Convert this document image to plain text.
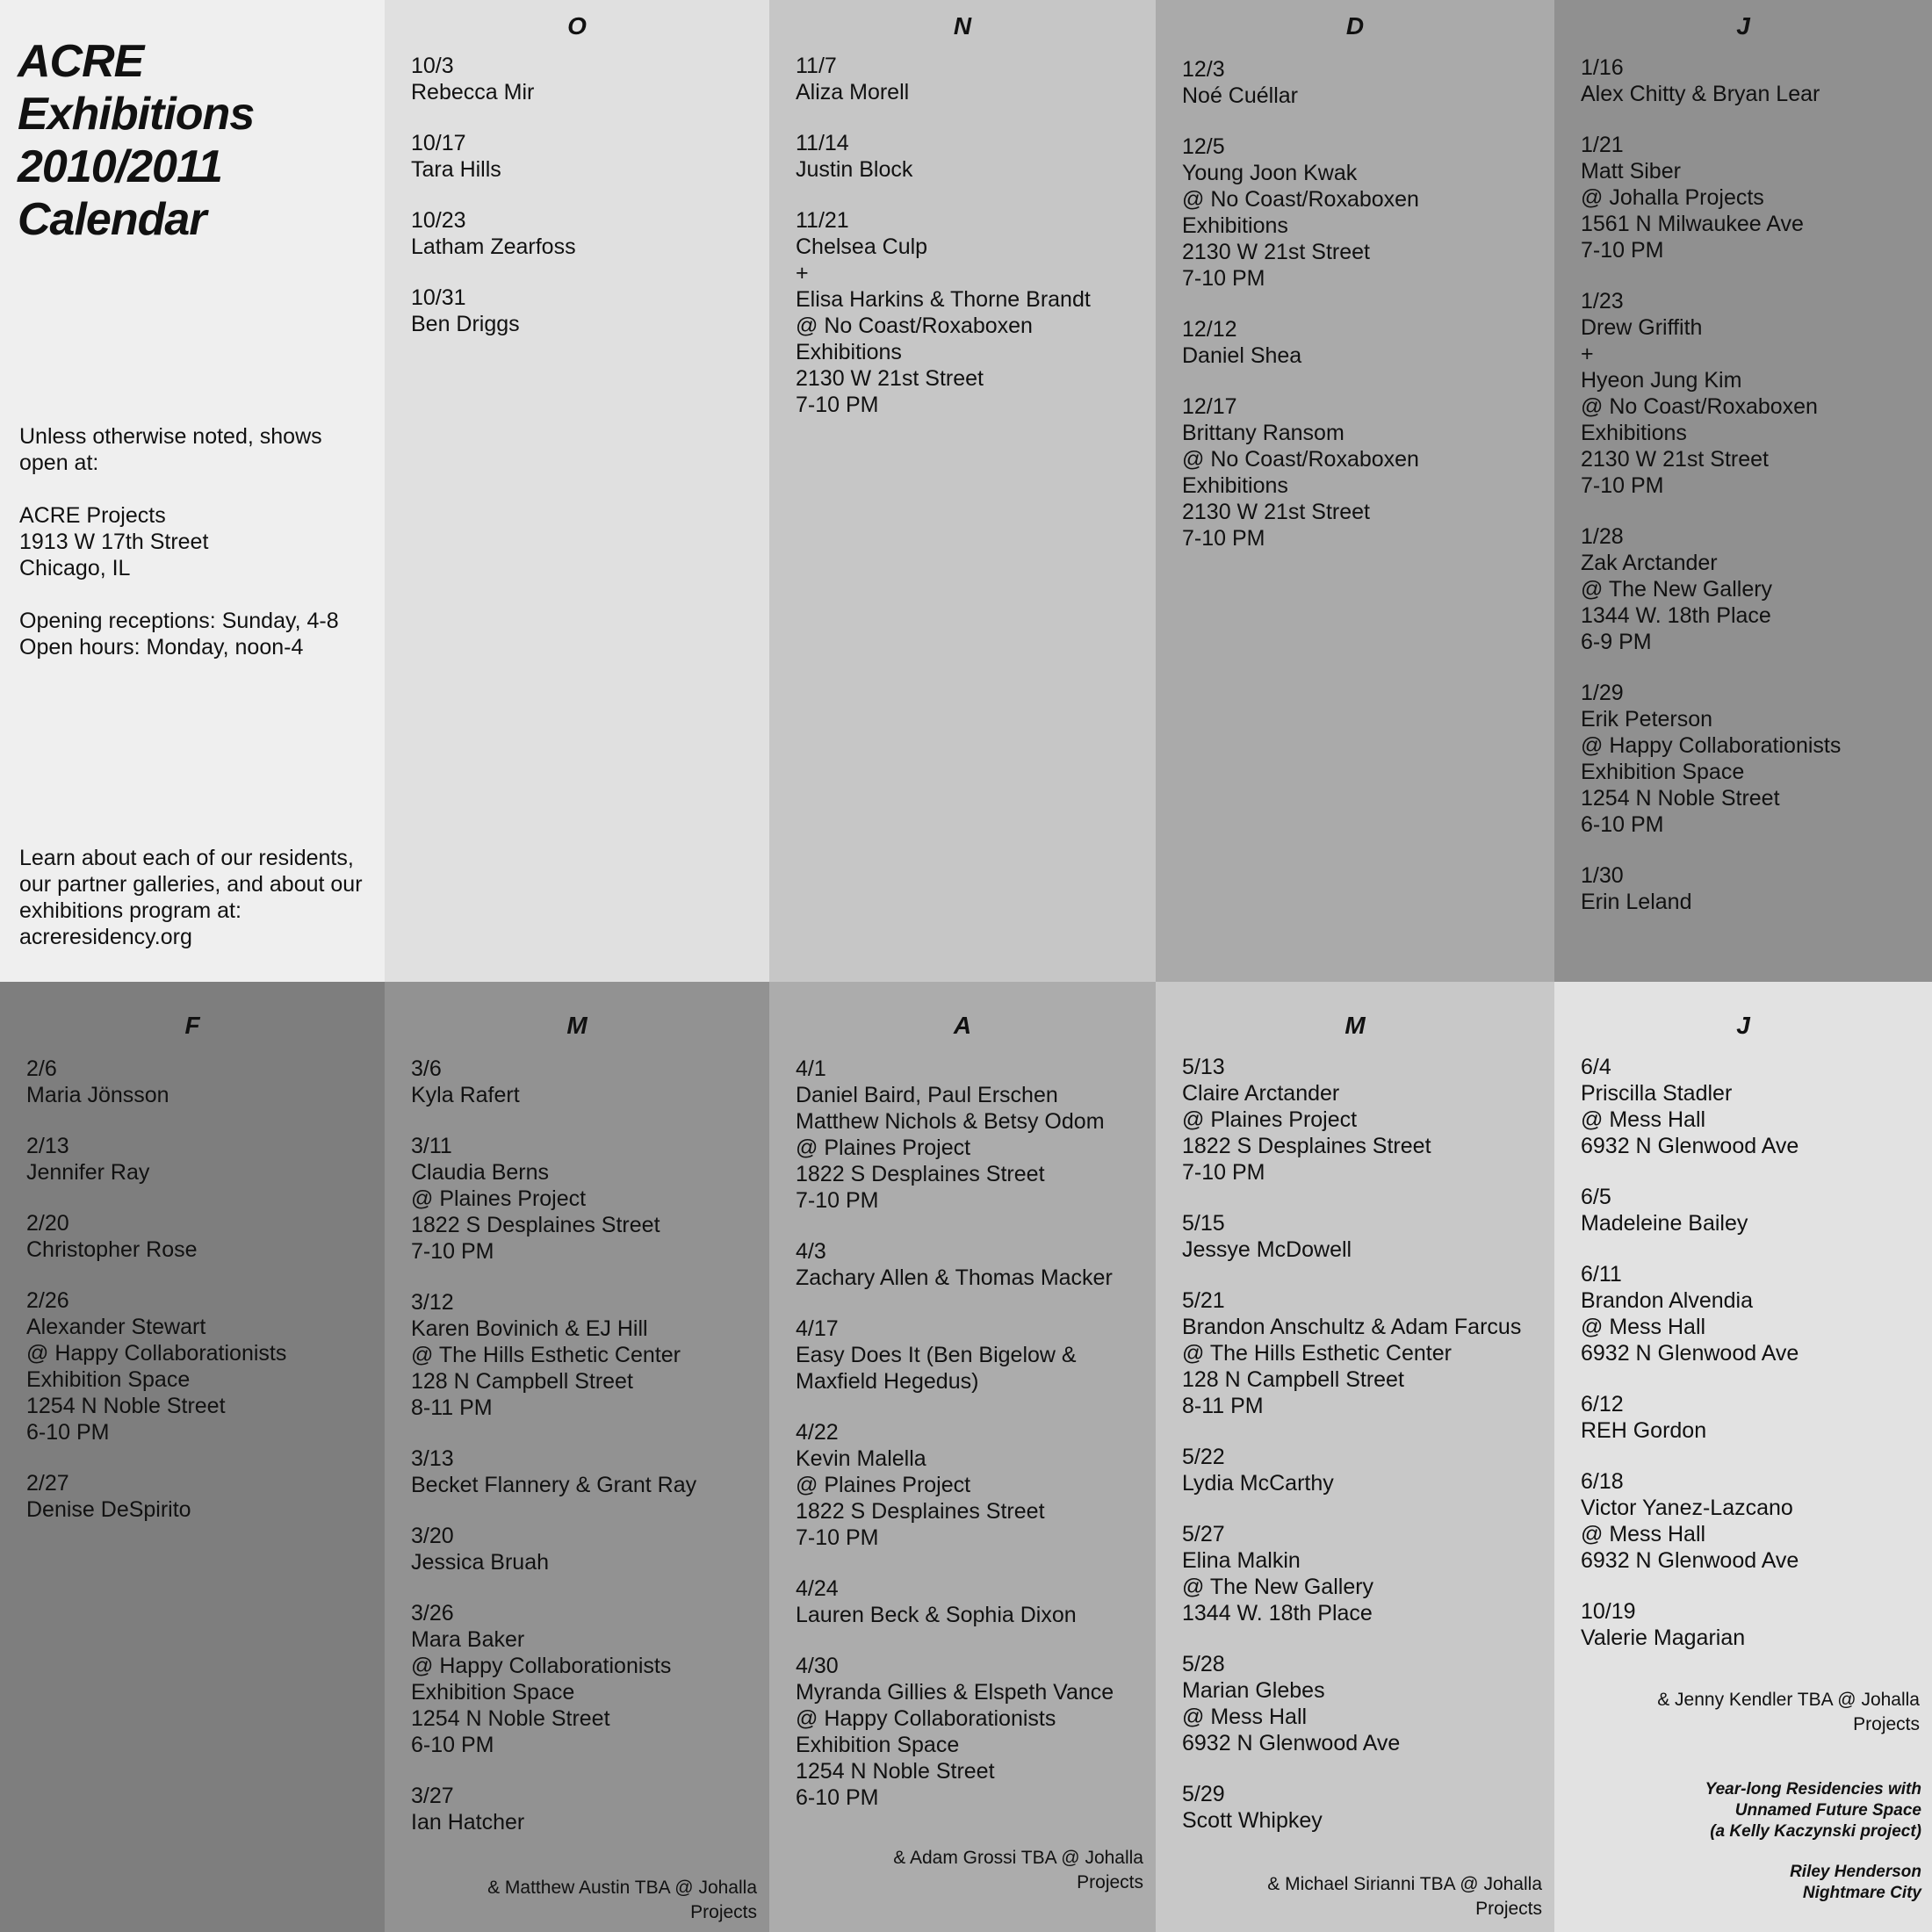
ACRE
Exhibitions
2010/2011
Calendar

Unless otherwise noted, shows
open at:

ACRE Projects
1913 W 17th Street
Chicago, IL

Opening receptions: Sunday, 4-8
Open hours: Monday, noon-4

Learn about each of our residents,
our partner galleries, and about our
exhibitions program at:
acreresidency.org
O
10/3
Rebecca Mir
10/17
Tara Hills
10/23
Latham Zearfoss
10/31
Ben Driggs
N
11/7
Aliza Morell
11/14
Justin Block
11/21
Chelsea Culp
+
Elisa Harkins & Thorne Brandt
@ No Coast/Roxaboxen
Exhibitions
2130 W 21st Street
7-10 PM
D
12/3
Noé Cuéllar
12/5
Young Joon Kwak
@ No Coast/Roxaboxen
Exhibitions
2130 W 21st Street
7-10 PM
12/12
Daniel Shea
12/17
Brittany Ransom
@ No Coast/Roxaboxen
Exhibitions
2130 W 21st Street
7-10 PM
J
1/16
Alex Chitty & Bryan Lear
1/21
Matt Siber
@ Johalla Projects
1561 N Milwaukee Ave
7-10 PM
1/23
Drew Griffith
+
Hyeon Jung Kim
@ No Coast/Roxaboxen
Exhibitions
2130 W 21st Street
7-10 PM
1/28
Zak Arctander
@ The New Gallery
1344 W. 18th Place
6-9 PM
1/29
Erik Peterson
@ Happy Collaborationists
Exhibition Space
1254 N Noble Street
6-10 PM
1/30
Erin Leland
F
2/6
Maria Jönsson
2/13
Jennifer Ray
2/20
Christopher Rose
2/26
Alexander Stewart
@ Happy Collaborationists
Exhibition Space
1254 N Noble Street
6-10 PM
2/27
Denise DeSpirito
M
3/6
Kyla Rafert
3/11
Claudia Berns
@ Plaines Project
1822 S Desplaines Street
7-10 PM
3/12
Karen Bovinich & EJ Hill
@ The Hills Esthetic Center
128 N Campbell Street
8-11 PM
3/13
Becket Flannery & Grant Ray
3/20
Jessica Bruah
3/26
Mara Baker
@ Happy Collaborationists
Exhibition Space
1254 N Noble Street
6-10 PM
3/27
Ian Hatcher
& Matthew Austin TBA @ Johalla
Projects
A
4/1
Daniel Baird, Paul Erschen
Matthew Nichols & Betsy Odom
@ Plaines Project
1822 S Desplaines Street
7-10 PM
4/3
Zachary Allen & Thomas Macker
4/17
Easy Does It (Ben Bigelow &
Maxfield Hegedus)
4/22
Kevin Malella
@ Plaines Project
1822 S Desplaines Street
7-10 PM
4/24
Lauren Beck & Sophia Dixon
4/30
Myranda Gillies & Elspeth Vance
@ Happy Collaborationists
Exhibition Space
1254 N Noble Street
6-10 PM
& Adam Grossi TBA @ Johalla
Projects
M
5/13
Claire Arctander
@ Plaines Project
1822 S Desplaines Street
7-10 PM
5/15
Jessye McDowell
5/21
Brandon Anschultz & Adam Farcus
@ The Hills Esthetic Center
128 N Campbell Street
8-11 PM
5/22
Lydia McCarthy
5/27
Elina Malkin
@ The New Gallery
1344 W. 18th Place
5/28
Marian Glebes
@ Mess Hall
6932 N Glenwood Ave
5/29
Scott Whipkey
& Michael Sirianni TBA @ Johalla
Projects
J
6/4
Priscilla Stadler
@ Mess Hall
6932 N Glenwood Ave
6/5
Madeleine Bailey
6/11
Brandon Alvendia
@ Mess Hall
6932 N Glenwood Ave
6/12
REH Gordon
6/18
Victor Yanez-Lazcano
@ Mess Hall
6932 N Glenwood Ave
10/19
Valerie Magarian
& Jenny Kendler TBA @ Johalla
Projects
Year-long Residencies with
Unnamed Future Space
(a Kelly Kaczynski project)

Riley Henderson
Nightmare City
